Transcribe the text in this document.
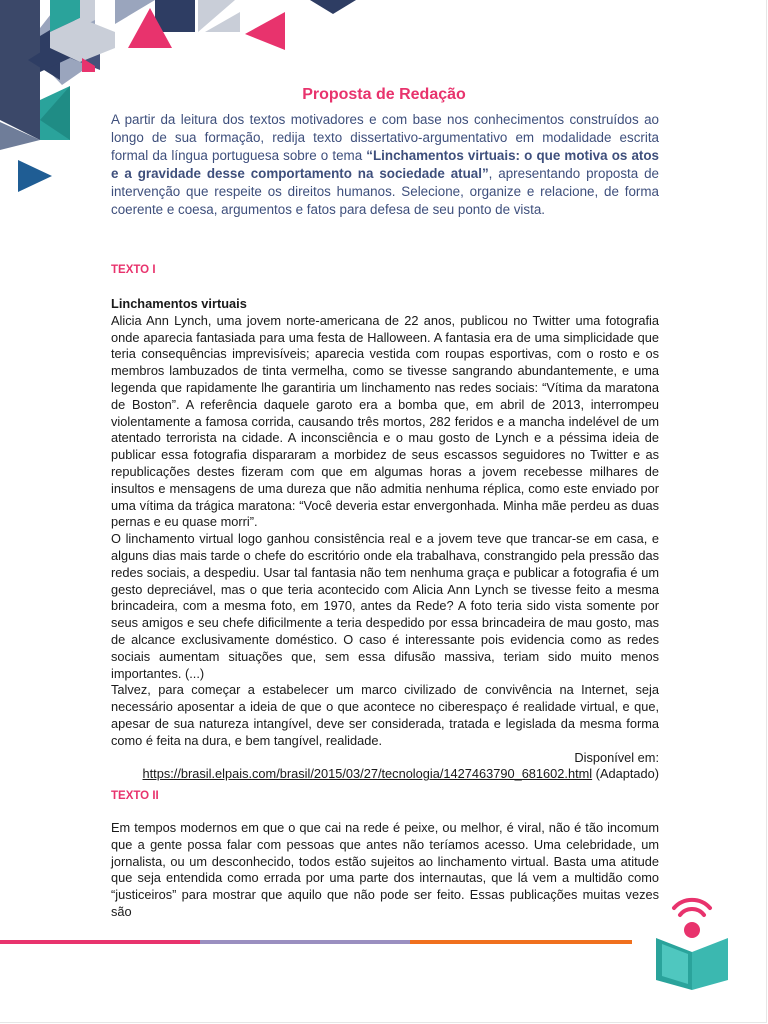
Proposta de Redação
A partir da leitura dos textos motivadores e com base nos conhecimentos construídos ao longo de sua formação, redija texto dissertativo-argumentativo em modalidade escrita formal da língua portuguesa sobre o tema “Linchamentos virtuais: o que motiva os atos e a gravidade desse comportamento na sociedade atual”, apresentando proposta de intervenção que respeite os direitos humanos. Selecione, organize e relacione, de forma coerente e coesa, argumentos e fatos para defesa de seu ponto de vista.
TEXTO I

Linchamentos virtuais

Alicia Ann Lynch, uma jovem norte-americana de 22 anos, publicou no Twitter uma fotografia onde aparecia fantasiada para uma festa de Halloween. A fantasia era de uma simplicidade que teria consequências imprevisíveis; aparecia vestida com roupas esportivas, com o rosto e os membros lambuzados de tinta vermelha, como se tivesse sangrando abundantemente, e uma legenda que rapidamente lhe garantiria um linchamento nas redes sociais: “Vítima da maratona de Boston”. A referência daquele garoto era a bomba que, em abril de 2013, interrompeu violentamente a famosa corrida, causando três mortos, 282 feridos e a mancha indelével de um atentado terrorista na cidade. A inconsciência e o mau gosto de Lynch e a péssima ideia de publicar essa fotografia dispararam a morbidez de seus escassos seguidores no Twitter e as republicações destes fizeram com que em algumas horas a jovem recebesse milhares de insultos e mensagens de uma dureza que não admitia nenhuma réplica, como este enviado por uma vítima da trágica maratona: “Você deveria estar envergonhada. Minha mãe perdeu as duas pernas e eu quase morri”.

O linchamento virtual logo ganhou consistência real e a jovem teve que trancar-se em casa, e alguns dias mais tarde o chefe do escritório onde ela trabalhava, constrangido pela pressão das redes sociais, a despediu. Usar tal fantasia não tem nenhuma graça e publicar a fotografia é um gesto depreciável, mas o que teria acontecido com Alicia Ann Lynch se tivesse feito a mesma brincadeira, com a mesma foto, em 1970, antes da Rede? A foto teria sido vista somente por seus amigos e seu chefe dificilmente a teria despedido por essa brincadeira de mau gosto, mas de alcance exclusivamente doméstico. O caso é interessante pois evidencia como as redes sociais aumentam situações que, sem essa difusão massiva, teriam sido muito menos importantes. (...)

Talvez, para começar a estabelecer um marco civilizado de convivência na Internet, seja necessário aposentar a ideia de que o que acontece no ciberespaço é realidade virtual, e que, apesar de sua natureza intangível, deve ser considerada, tratada e legislada da mesma forma como é feita na dura, e bem tangível, realidade.

Disponível em:

https://brasil.elpais.com/brasil/2015/03/27/tecnologia/1427463790_681602.html (Adaptado)

TEXTO II

Em tempos modernos em que o que cai na rede é peixe, ou melhor, é viral, não é tão incomum que a gente possa falar com pessoas que antes não teríamos acesso. Uma celebridade, um jornalista, ou um desconhecido, todos estão sujeitos ao linchamento virtual. Basta uma atitude que seja entendida como errada por uma parte dos internautas, que lá vem a multidão como “justiceiros” para mostrar que aquilo que não pode ser feito. Essas publicações muitas vezes são
